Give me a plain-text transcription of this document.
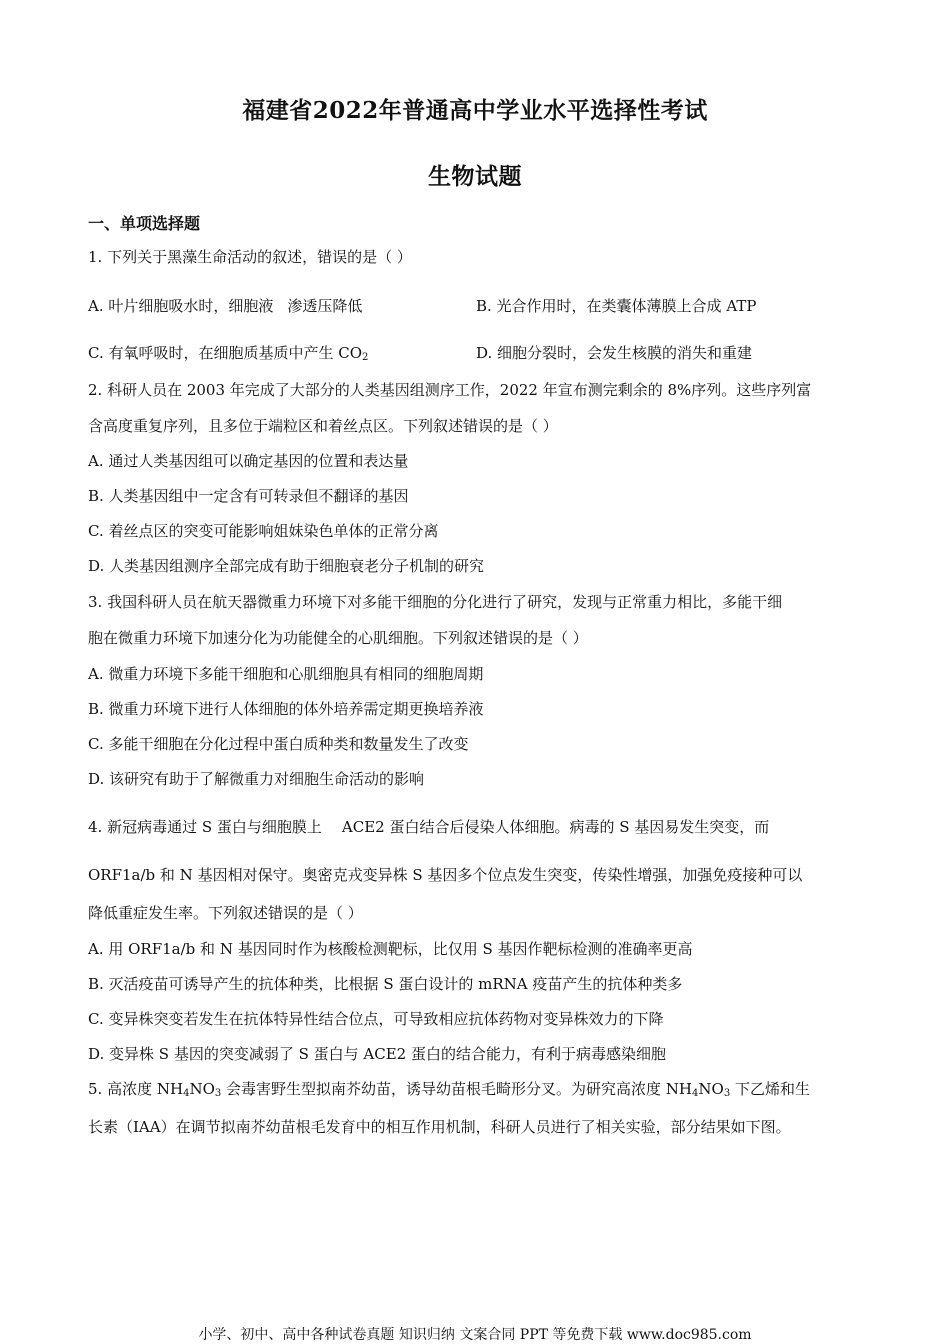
福建省2022年普通高中学业水平选择性考试
生物试题
一、单项选择题
1. 下列关于黑藻生命活动的叙述，错误的是（ ）
A. 叶片细胞吸水时，细胞液 渗透压降低	B. 光合作用时，在类囊体薄膜上合成 ATP
C. 有氧呼吸时，在细胞质基质中产生 $CO_2$	D. 细胞分裂时，会发生核膜的消失和重建
2. 科研人员在 2003 年完成了大部分的人类基因组测序工作，2022 年宣布测完剩余的 8%序列。这些序列富
含高度重复序列，且多位于端粒区和着丝点区。下列叙述错误的是（ ）
A. 通过人类基因组可以确定基因的位置和表达量
B. 人类基因组中一定含有可转录但不翻译的基因
C. 着丝点区的突变可能影响姐妹染色单体的正常分离
D. 人类基因组测序全部完成有助于细胞衰老分子机制的研究
3. 我国科研人员在航天器微重力环境下对多能干细胞的分化进行了研究，发现与正常重力相比，多能干细
胞在微重力环境下加速分化为功能健全的心肌细胞。下列叙述错误的是（ ）
A. 微重力环境下多能干细胞和心肌细胞具有相同的细胞周期
B. 微重力环境下进行人体细胞的体外培养需定期更换培养液
C. 多能干细胞在分化过程中蛋白质种类和数量发生了改变
D. 该研究有助于了解微重力对细胞生命活动的影响
4. 新冠病毒通过 S 蛋白与细胞膜上 ACE2 蛋白结合后侵染人体细胞。病毒的 S 基因易发生突变，而
ORF1a/b 和 N 基因相对保守。奥密克戎变异株 S 基因多个位点发生突变，传染性增强，加强免疫接种可以
降低重症发生率。下列叙述错误的是（ ）
A. 用 ORF1a/b 和 N 基因同时作为核酸检测靶标，比仅用 S 基因作靶标检测的准确率更高
B. 灭活疫苗可诱导产生的抗体种类，比根据 S 蛋白设计的 mRNA 疫苗产生的抗体种类多
C. 变异株突变若发生在抗体特异性结合位点，可导致相应抗体药物对变异株效力的下降
D. 变异株 S 基因的突变减弱了 S 蛋白与 ACE2 蛋白的结合能力，有利于病毒感染细胞
5. 高浓度 $NH_4NO_3$ 会毒害野生型拟南芥幼苗，诱导幼苗根毛畸形分叉。为研究高浓度 $NH_4NO_3$ 下乙烯和生
长素（IAA）在调节拟南芥幼苗根毛发育中的相互作用机制，科研人员进行了相关实验，部分结果如下图。
小学、初中、高中各种试卷真题 知识归纳 文案合同 PPT 等免费下载 www.doc985.com
